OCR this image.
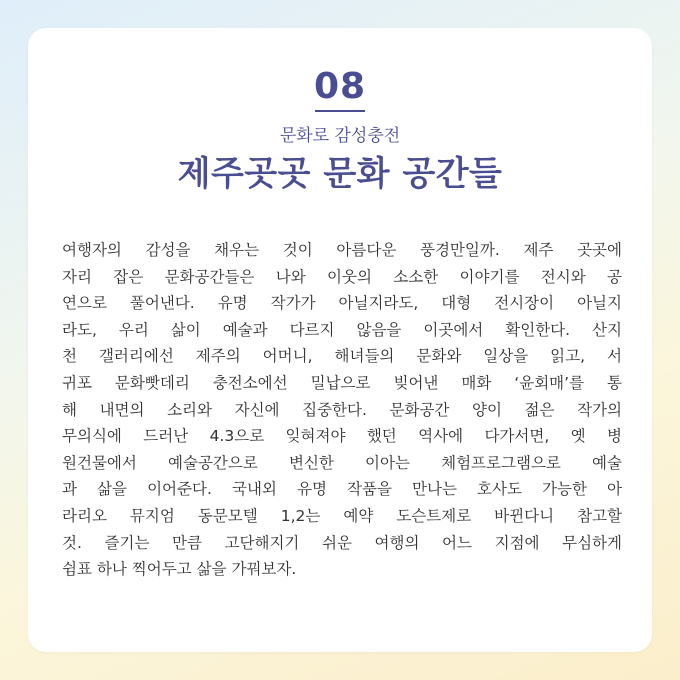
08
문화로 감성충전
제주곳곳 문화 공간들

여행자의 감성을 채우는 것이 아름다운 풍경만일까. 제주 곳곳에
자리 잡은 문화공간들은 나와 이웃의 소소한 이야기를 전시와 공
연으로 풀어낸다. 유명 작가가 아닐지라도, 대형 전시장이 아닐지
라도, 우리 삶이 예술과 다르지 않음을 이곳에서 확인한다. 산지
천 갤러리에선 제주의 어머니, 해녀들의 문화와 일상을 읽고, 서
귀포 문화빳데리 충전소에선 밀납으로 빚어낸 매화 ‘윤회매’를 통
해 내면의 소리와 자신에 집중한다. 문화공간 양이 젊은 작가의
무의식에 드러난 4.3으로 잊혀져야 했던 역사에 다가서면, 옛 병
원건물에서 예술공간으로 변신한 이아는 체험프로그램으로 예술
과 삶을 이어준다. 국내외 유명 작품을 만나는 호사도 가능한 아
라리오 뮤지엄 동문모텔 1,2는 예약 도슨트제로 바뀐다니 참고할
것. 즐기는 만큼 고단해지기 쉬운 여행의 어느 지점에 무심하게
쉼표 하나 찍어두고 삶을 가꿔보자.
